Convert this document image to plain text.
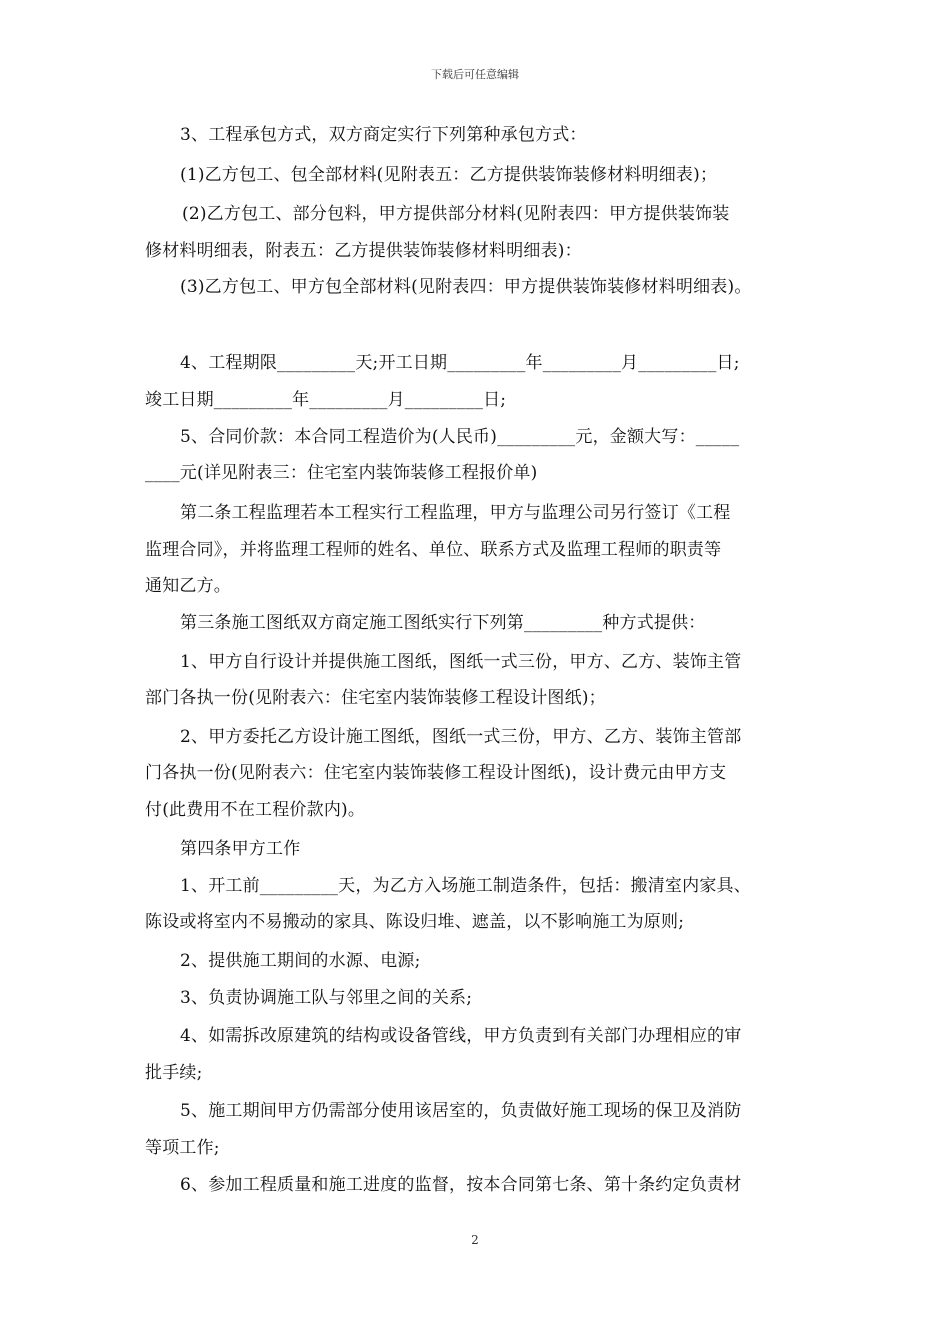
下载后可任意编辑
3、工程承包方式，双方商定实行下列第种承包方式：
(1)乙方包工、包全部材料(见附表五：乙方提供装饰装修材料明细表)；
(2)乙方包工、部分包料，甲方提供部分材料(见附表四：甲方提供装饰装
修材料明细表，附表五：乙方提供装饰装修材料明细表)：
(3)乙方包工、甲方包全部材料(见附表四：甲方提供装饰装修材料明细表)。
4、工程期限_________天;开工日期_________年_________月_________日;
竣工日期_________年_________月_________日;
5、合同价款：本合同工程造价为(人民币)_________元，金额大写：_____
____元(详见附表三：住宅室内装饰装修工程报价单)
第二条工程监理若本工程实行工程监理，甲方与监理公司另行签订《工程
监理合同》，并将监理工程师的姓名、单位、联系方式及监理工程师的职责等
通知乙方。
第三条施工图纸双方商定施工图纸实行下列第_________种方式提供：
1、甲方自行设计并提供施工图纸，图纸一式三份，甲方、乙方、装饰主管
部门各执一份(见附表六：住宅室内装饰装修工程设计图纸)；
2、甲方委托乙方设计施工图纸，图纸一式三份，甲方、乙方、装饰主管部
门各执一份(见附表六：住宅室内装饰装修工程设计图纸)，设计费元由甲方支
付(此费用不在工程价款内)。
第四条甲方工作
1、开工前_________天，为乙方入场施工制造条件，包括：搬清室内家具、
陈设或将室内不易搬动的家具、陈设归堆、遮盖，以不影响施工为原则;
2、提供施工期间的水源、电源;
3、负责协调施工队与邻里之间的关系;
4、如需拆改原建筑的结构或设备管线，甲方负责到有关部门办理相应的审
批手续;
5、施工期间甲方仍需部分使用该居室的，负责做好施工现场的保卫及消防
等项工作;
6、参加工程质量和施工进度的监督，按本合同第七条、第十条约定负责材
2
